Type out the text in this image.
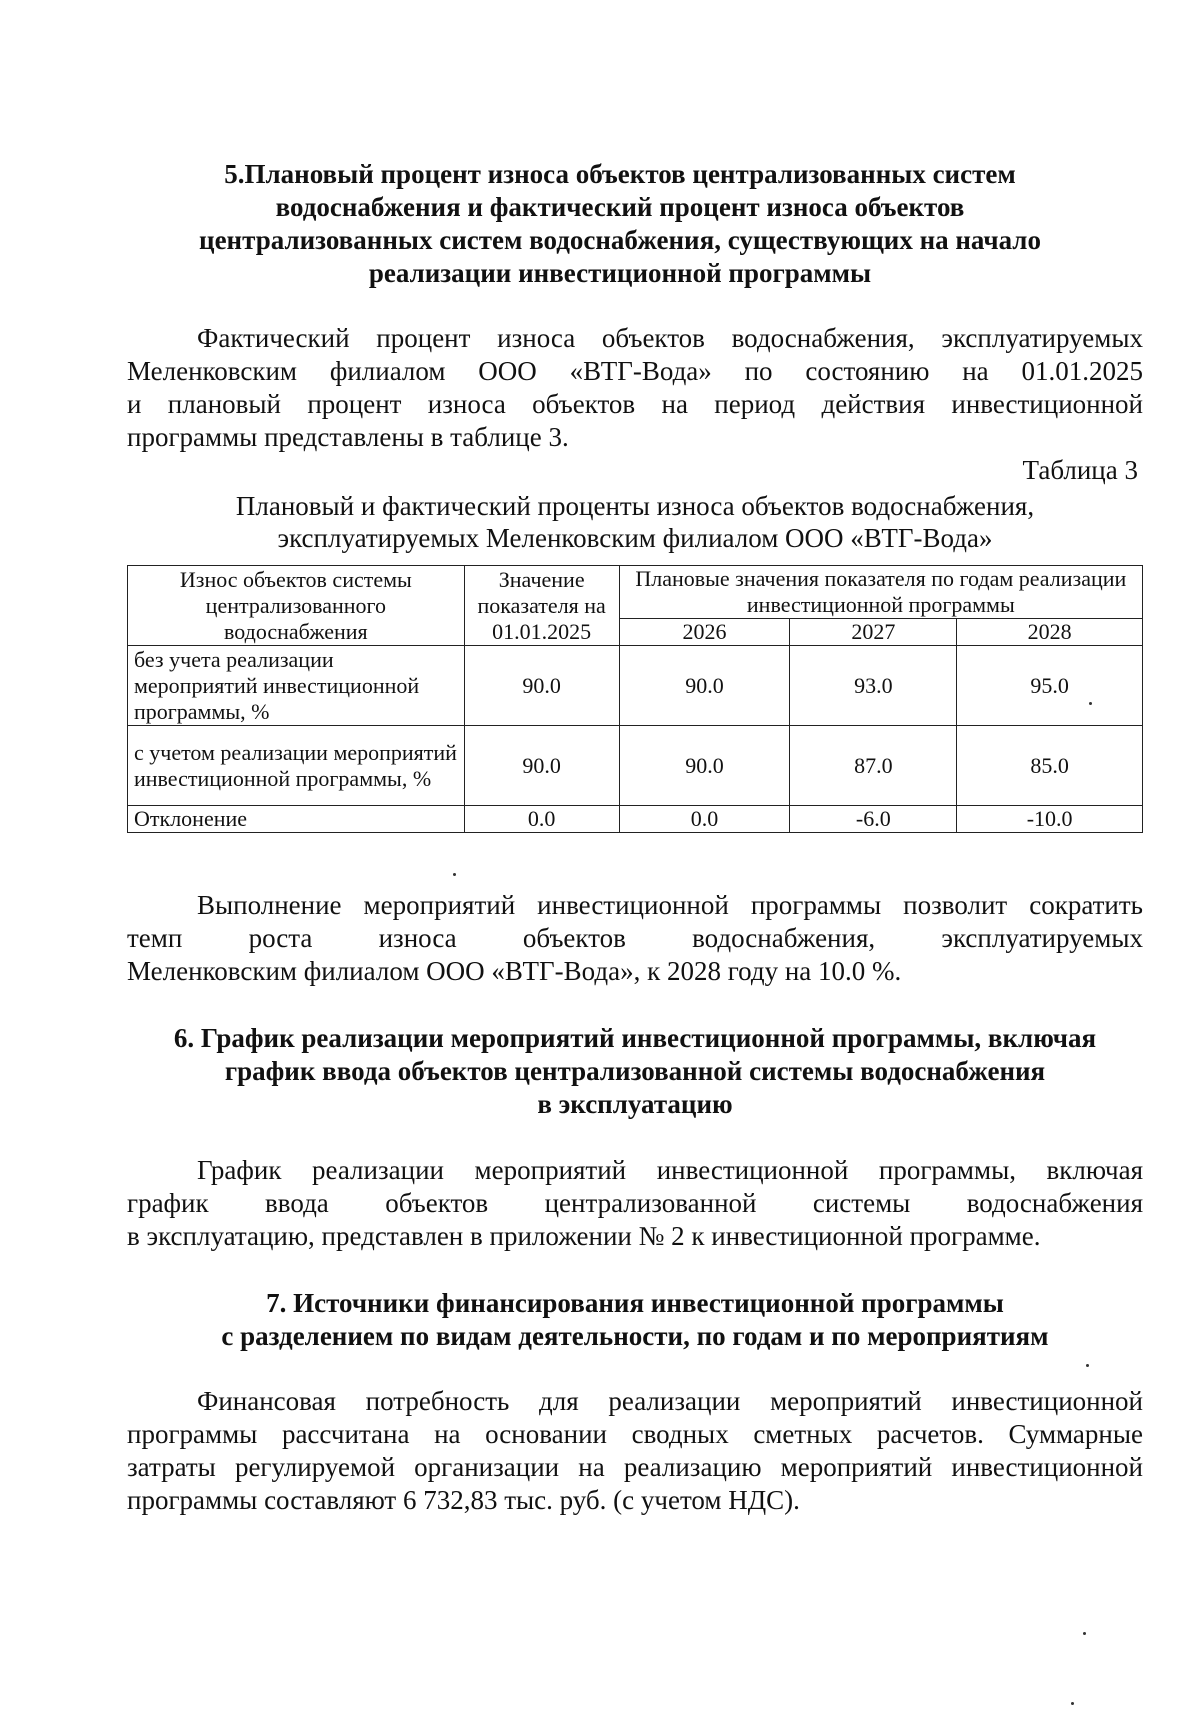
5.Плановый процент износа объектов централизованных систем
водоснабжения и фактический процент износа объектов
централизованных систем водоснабжения, существующих на начало
реализации инвестиционной программы
Фактический процент износа объектов водоснабжения, эксплуатируемых
Меленковским филиалом ООО «ВТГ-Вода» по состоянию на 01.01.2025
и плановый процент износа объектов на период действия инвестиционной
программы представлены в таблице 3.
Таблица 3
Плановый и фактический проценты износа объектов водоснабжения,
эксплуатируемых Меленковским филиалом ООО «ВТГ-Вода»
Износ объектов системы централизованного водоснабжения	Значение показателя на 01.01.2025	Плановые значения показателя по годам реализации инвестиционной программы		
		2026	2027	2028
без учета реализации мероприятий инвестиционной программы, %	90.0	90.0	93.0	95.0
с учетом реализации мероприятий инвестиционной программы, %	90.0	90.0	87.0	85.0
Отклонение	0.0	0.0	-6.0	-10.0
Выполнение мероприятий инвестиционной программы позволит сократить
темп роста износа объектов водоснабжения, эксплуатируемых
Меленковским филиалом ООО «ВТГ-Вода», к 2028 году на 10.0 %.
6. График реализации мероприятий инвестиционной программы, включая
график ввода объектов централизованной системы водоснабжения
в эксплуатацию
График реализации мероприятий инвестиционной программы, включая
график ввода объектов централизованной системы водоснабжения
в эксплуатацию, представлен в приложении № 2 к инвестиционной программе.
7. Источники финансирования инвестиционной программы
с разделением по видам деятельности, по годам и по мероприятиям
Финансовая потребность для реализации мероприятий инвестиционной
программы рассчитана на основании сводных сметных расчетов. Суммарные
затраты регулируемой организации на реализацию мероприятий инвестиционной
программы составляют 6 732,83 тыс. руб. (с учетом НДС).
